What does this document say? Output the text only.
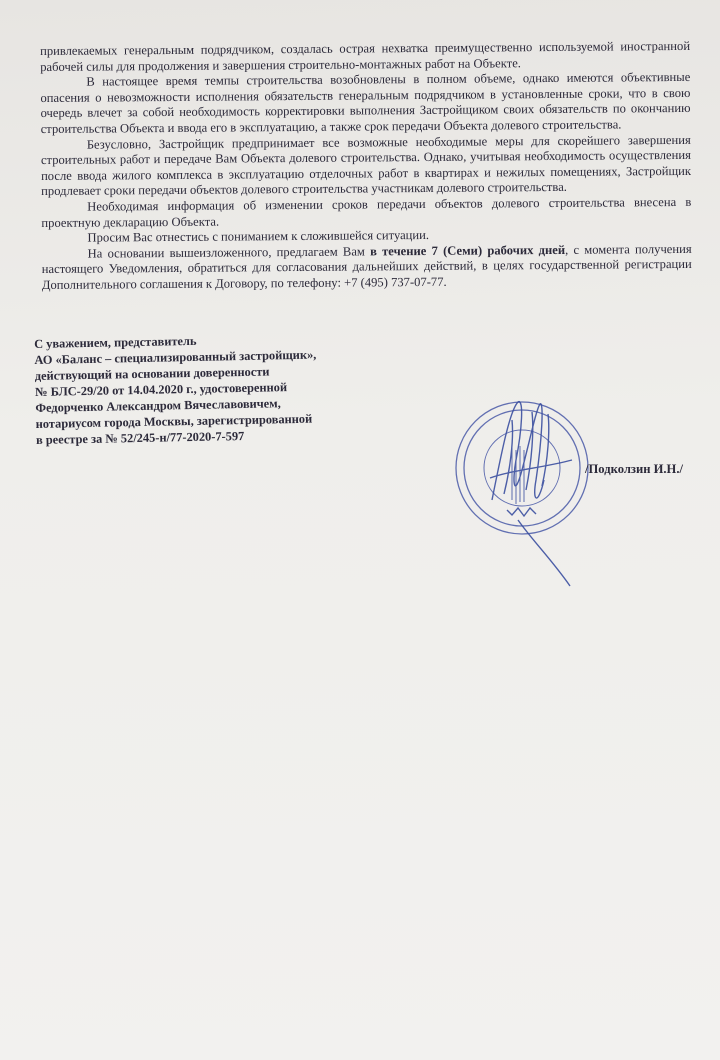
привлекаемых генеральным подрядчиком, создалась острая нехватка преимущественно используемой иностранной рабочей силы для продолжения и завершения строительно-монтажных работ на Объекте.

В настоящее время темпы строительства возобновлены в полном объеме, однако имеются объективные опасения о невозможности исполнения обязательств генеральным подрядчиком в установленные сроки, что в свою очередь влечет за собой необходимость корректировки выполнения Застройщиком своих обязательств по окончанию строительства Объекта и ввода его в эксплуатацию, а также срок передачи Объекта долевого строительства.

Безусловно, Застройщик предпринимает все возможные необходимые меры для скорейшего завершения строительных работ и передаче Вам Объекта долевого строительства. Однако, учитывая необходимость осуществления после ввода жилого комплекса в эксплуатацию отделочных работ в квартирах и нежилых помещениях, Застройщик продлевает сроки передачи объектов долевого строительства участникам долевого строительства.

Необходимая информация об изменении сроков передачи объектов долевого строительства внесена в проектную декларацию Объекта.

Просим Вас отнестись с пониманием к сложившейся ситуации.

На основании вышеизложенного, предлагаем Вам в течение 7 (Семи) рабочих дней, с момента получения настоящего Уведомления, обратиться для согласования дальнейших действий, в целях государственной регистрации Дополнительного соглашения к Договору, по телефону: +7 (495) 737-07-77.

С уважением, представитель
АО «Баланс – специализированный застройщик»,
действующий на основании доверенности
№ БЛС-29/20 от 14.04.2020 г., удостоверенной
Федорченко Александром Вячеславовичем,
нотариусом города Москвы, зарегистрированной
в реестре за № 52/245-н/77-2020-7-597
/Подколзин И.Н./
